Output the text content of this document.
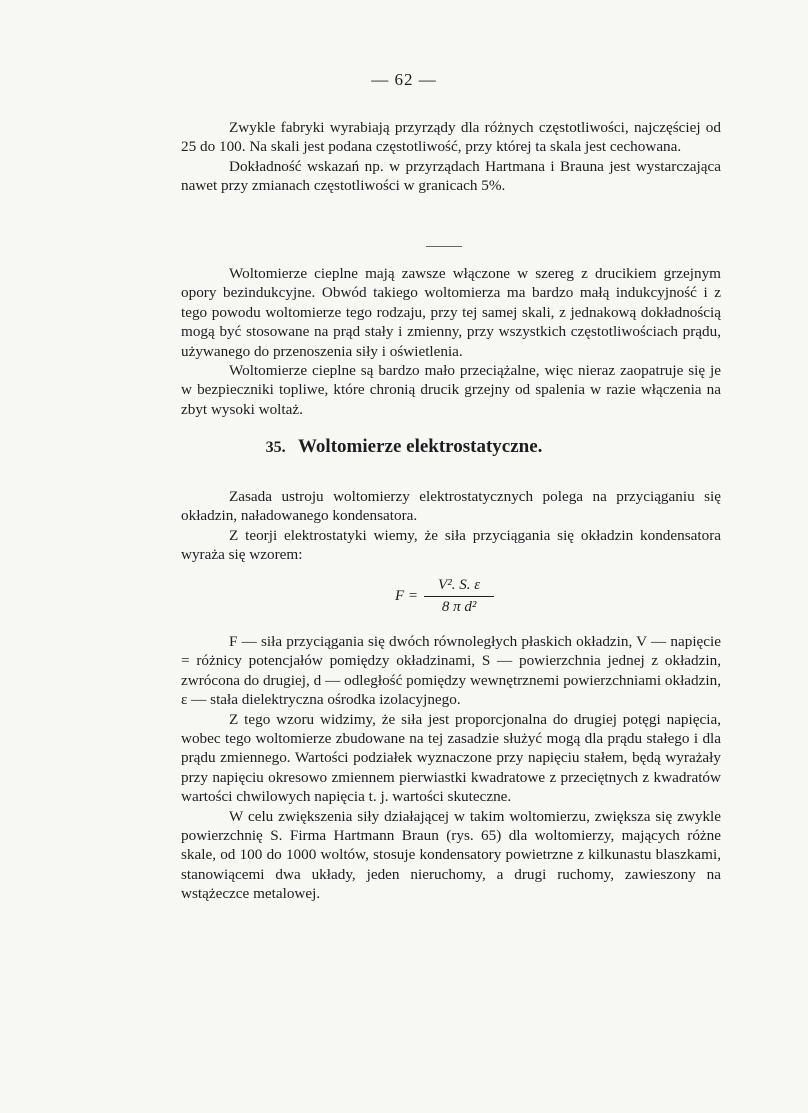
— 62 —

Zwykle fabryki wyrabiają przyrządy dla różnych częstotliwości, najczęściej od 25 do 100. Na skali jest podana częstotliwość, przy której ta skala jest cechowana.

Dokładność wskazań np. w przyrządach Hartmana i Brauna jest wystarczająca nawet przy zmianach częstotliwości w granicach 5%.

Woltomierze cieplne mają zawsze włączone w szereg z drucikiem grzejnym opory bezindukcyjne. Obwód takiego woltomierza ma bardzo małą indukcyjność i z tego powodu woltomierze tego rodzaju, przy tej samej skali, z jednakową dokładnością mogą być stosowane na prąd stały i zmienny, przy wszystkich częstotliwościach prądu, używanego do przenoszenia siły i oświetlenia.

Woltomierze cieplne są bardzo mało przeciążalne, więc nieraz zaopatruje się je w bezpieczniki topliwe, które chronią drucik grzejny od spalenia w razie włączenia na zbyt wysoki woltaż.

35. Woltomierze elektrostatyczne.

Zasada ustroju woltomierzy elektrostatycznych polega na przyciąganiu się okładzin, naładowanego kondensatora.

Z teorji elektrostatyki wiemy, że siła przyciągania się okładzin kondensatora wyraża się wzorem:

$F = \frac{\text{V². S. ε}}{\text{8 π d²}}$

F — siła przyciągania się dwóch równoległych płaskich okładzin, V — napięcie = różnicy potencjałów pomiędzy okładzinami, S — powierzchnia jednej z okładzin, zwrócona do drugiej, d — odległość pomiędzy wewnętrznemi powierzchniami okładzin, ε — stała dielektryczna ośrodka izolacyjnego.

Z tego wzoru widzimy, że siła jest proporcjonalna do drugiej potęgi napięcia, wobec tego woltomierze zbudowane na tej zasadzie służyć mogą dla prądu stałego i dla prądu zmiennego. Wartości podziałek wyznaczone przy napięciu stałem, będą wyrażały przy napięciu okresowo zmiennem pierwiastki kwadratowe z przeciętnych z kwadratów wartości chwilowych napięcia t. j. wartości skuteczne.

W celu zwiększenia siły działającej w takim woltomierzu, zwiększa się zwykle powierzchnię S. Firma Hartmann Braun (rys. 65) dla woltomierzy, mających różne skale, od 100 do 1000 woltów, stosuje kondensatory powietrzne z kilkunastu blaszkami, stanowiącemi dwa układy, jeden nieruchomy, a drugi ruchomy, zawieszony na wstążeczce metalowej.
